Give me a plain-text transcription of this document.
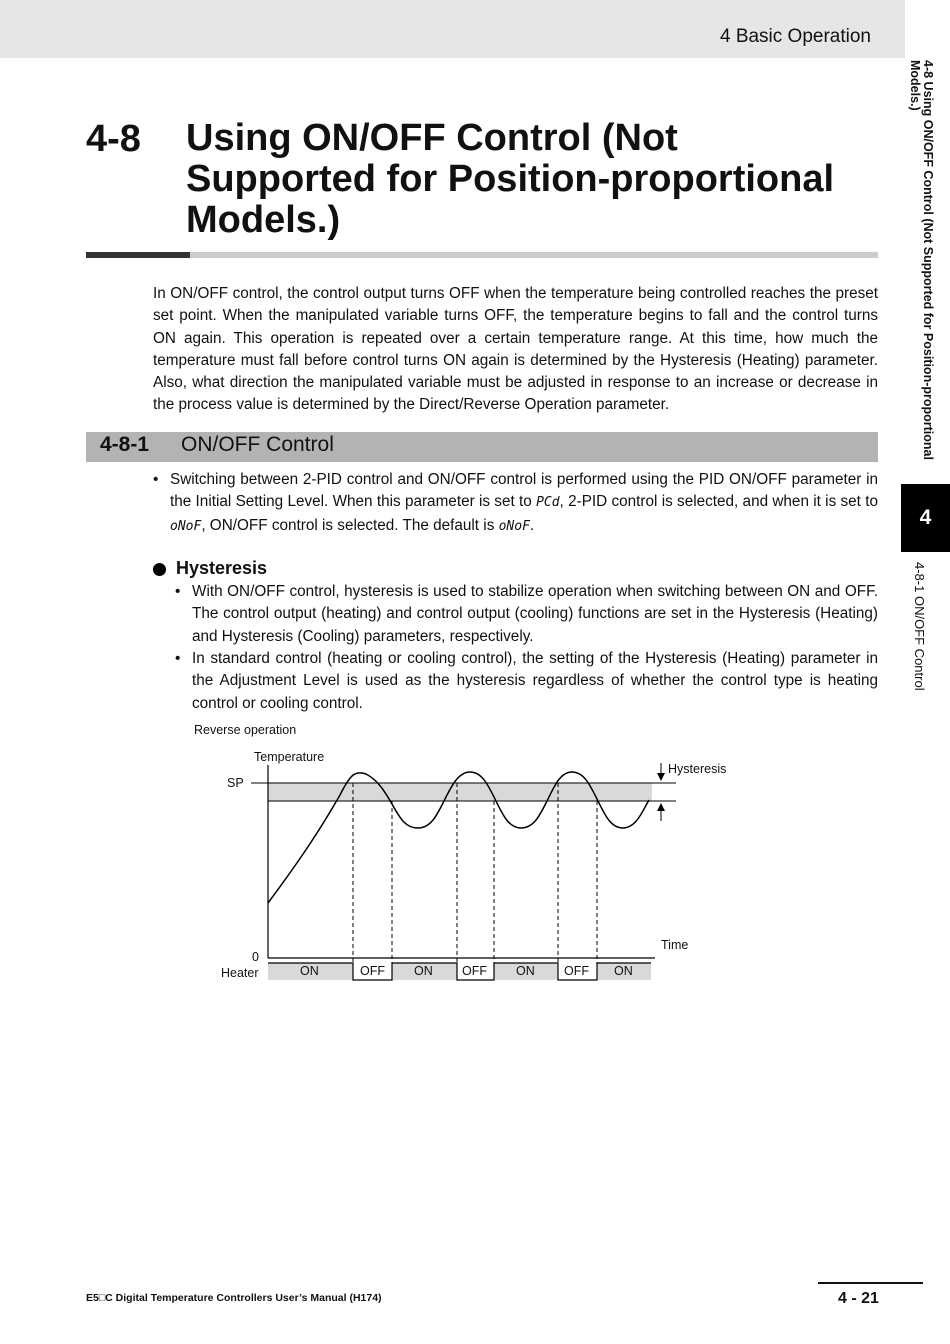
4 Basic Operation
4-8 Using ON/OFF Control (Not Supported for Position-proportional Models.)
4
4-8-1 ON/OFF Control
4-8 Using ON/OFF Control (Not Supported for Position-proportional Models.)
In ON/OFF control, the control output turns OFF when the temperature being controlled reaches the preset set point. When the manipulated variable turns OFF, the temperature begins to fall and the control turns ON again. This operation is repeated over a certain temperature range. At this time, how much the temperature must fall before control turns ON again is determined by the Hysteresis (Heating) parameter. Also, what direction the manipulated variable must be adjusted in response to an increase or decrease in the process value is determined by the Direct/Reverse Operation parameter.
4-8-1 ON/OFF Control
• Switching between 2-PID control and ON/OFF control is performed using the PID ON/OFF parameter in the Initial Setting Level. When this parameter is set to PCd, 2-PID control is selected, and when it is set to oNoF, ON/OFF control is selected. The default is oNoF.
Hysteresis
• With ON/OFF control, hysteresis is used to stabilize operation when switching between ON and OFF. The control output (heating) and control output (cooling) functions are set in the Hysteresis (Heating) and Hysteresis (Cooling) parameters, respectively.
• In standard control (heating or cooling control), the setting of the Hysteresis (Heating) parameter in the Adjustment Level is used as the hysteresis regardless of whether the control type is heating control or cooling control.
Reverse operation
Temperature
SP
Hysteresis
Time
0
Heater	ON	OFF ON OFF ON OFF ON
E5□C Digital Temperature Controllers User’s Manual (H174)	4 - 21
